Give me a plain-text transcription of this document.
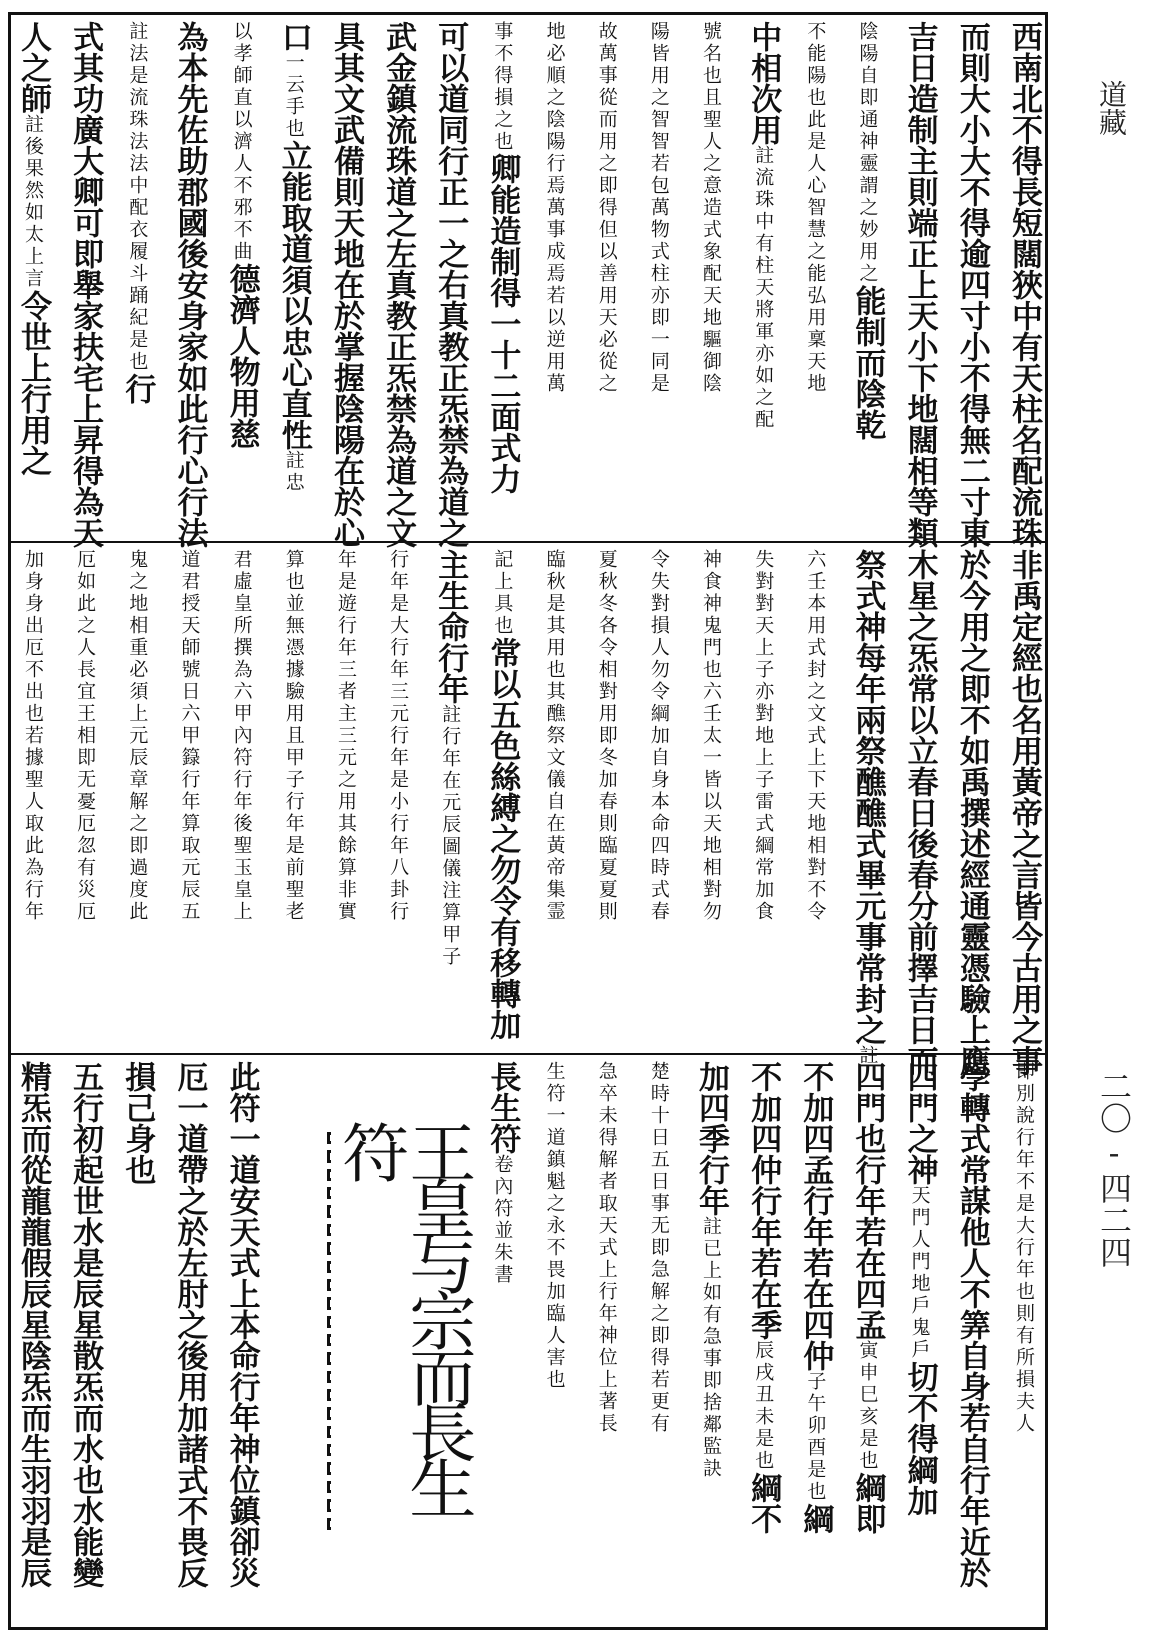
西南北不得長短闊狹中有天柱名配流珠
而則大小大不得逾四寸小不得無二寸東
吉日造制主則端正上天小下地闊相等類
陰陽自即通神靈謂之妙用之能制而陰乾
不能陽也此是人心智慧之能弘用稟天地
中相次用註流珠中有柱天將軍亦如之配
號名也且聖人之意造式象配天地驅御陰
陽皆用之智智若包萬物式柱亦即一同是
故萬事從而用之即得但以善用天必從之
地必順之陰陽行焉萬事成焉若以逆用萬
事不得損之也卿能造制得一十二面式力
可以道同行正一之右真教正炁禁為道之
武金鎮流珠道之左真教正炁禁為道之文
具其文武備則天地在於掌握陰陽在於心
口一云手也立能取道須以忠心直性註忠
以孝師直以濟人不邪不曲德濟人物用慈
為本先佐助郡國後安身家如此行心行法
註法是流珠法法中配衣履斗踊紀是也行
式其功廣大卿可即舉家扶宅上昇得為天
人之師註後果然如太上言令世上行用之
非禹定經也名用黃帝之言皆今古用之事
於今用之即不如禹撰述經通靈憑驗上應
木星之炁常以立春日後春分前擇吉日而
祭式神每年兩祭醮醮式畢元事常封之註
六壬本用式封之文式上下天地相對不令
失對對天上子亦對地上子雷式綱常加食
神食神鬼門也六壬太一皆以天地相對勿
令失對損人勿令綱加自身本命四時式春
夏秋冬各令相對用即冬加春則臨夏夏則
臨秋是其用也其醮祭文儀自在黃帝集霊
記上具也常以五色絲縛之勿令有移轉加
主生命行年註行年在元辰圖儀注算甲子
行年是大行年三元行年是小行年八卦行
年是遊行年三者主三元之用其餘算非實
算也並無憑據驗用且甲子行年是前聖老
君虛皇所撰為六甲內符行年後聖玉皇上
道君授天師號日六甲籙行年算取元辰五
鬼之地相重必須上元辰章解之即過度此
厄如此之人長宜王相即无憂厄忽有災厄
加身身出厄不出也若據聖人取此為行年
即別說行年不是大行年也則有所損夫人
學轉式常謀他人不筭自身若自行年近於
四門之神天門人門地戶鬼戶切不得綱加
四門也行年若在四孟寅申巳亥是也綱即
不加四孟行年若在四仲子午卯酉是也綱
不加四仲行年若在季辰戌丑未是也綱不
加四季行年註已上如有急事即捨鄰監訣
楚時十日五日事无即急解之即得若更有
急卒未得解者取天式上行年神位上著長
生符一道鎮魁之永不畏加臨人害也
長生符卷內符並朱書
此符一道安天式上本命行年神位鎮卻災
厄一道帶之於左肘之後用加諸式不畏反
損己身也
五行初起世水是辰星散炁而水也水能變
精炁而從龍龍假辰星陰炁而生羽羽是辰	王皇与宗而長生符
道藏
二〇-四二四
